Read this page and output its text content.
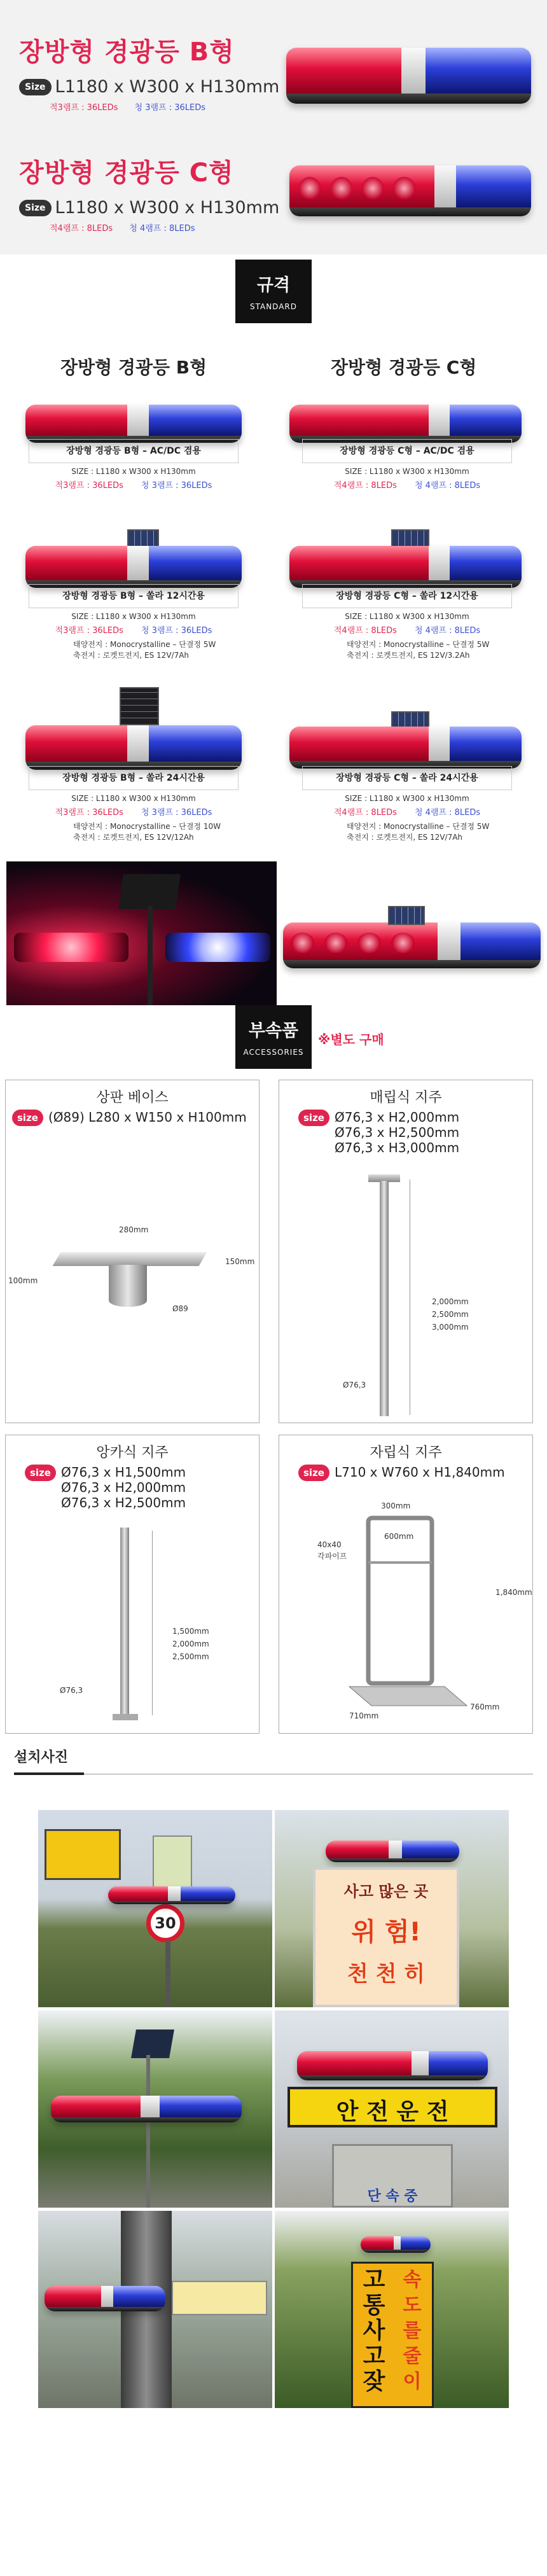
장방형 경광등 B형
Size L1180 x W300 x H130mm
적3램프 : 36LEDs 청 3램프 : 36LEDs
장방형 경광등 C형
Size L1180 x W300 x H130mm
적4램프 : 8LEDs 청 4램프 : 8LEDs
규격
STANDARD
장방형 경광등 B형	장방형 경광등 C형
장방형 경광등 B형 – AC/DC 겸용
SIZE : L1180 x W300 x H130mm
적3램프 : 36LEDs 청 3램프 : 36LEDs
장방형 경광등 C형 – AC/DC 겸용
SIZE : L1180 x W300 x H130mm
적4램프 : 8LEDs 청 4램프 : 8LEDs
장방형 경광등 B형 – 쏠라 12시간용
SIZE : L1180 x W300 x H130mm
적3램프 : 36LEDs 청 3램프 : 36LEDs
태양전지 : Monocrystalline – 단결정 5W
축전지 : 로켓트전지, ES 12V/7Ah
장방형 경광등 C형 – 쏠라 12시간용
SIZE : L1180 x W300 x H130mm
적4램프 : 8LEDs 청 4램프 : 8LEDs
태양전지 : Monocrystalline – 단결정 5W
축전지 : 로켓트전지, ES 12V/3.2Ah
장방형 경광등 B형 – 쏠라 24시간용
SIZE : L1180 x W300 x H130mm
적3램프 : 36LEDs 청 3램프 : 36LEDs
태양전지 : Monocrystalline – 단결정 10W
축전지 : 로켓트전지, ES 12V/12Ah
장방형 경광등 C형 – 쏠라 24시간용
SIZE : L1180 x W300 x H130mm
적4램프 : 8LEDs 청 4램프 : 8LEDs
태양전지 : Monocrystalline – 단결정 5W
축전지 : 로켓트전지, ES 12V/7Ah
부속품
ACCESSORIES
※별도 구매
상판 베이스
size (Ø89) L280 x W150 x H100mm
280mm
150mm
100mm
Ø89
매립식 지주
size Ø76,3 x H2,000mm
Ø76,3 x H2,500mm
Ø76,3 x H3,000mm
2,000mm
2,500mm
3,000mm
Ø76,3
앙카식 지주
size Ø76,3 x H1,500mm
Ø76,3 x H2,000mm
Ø76,3 x H2,500mm
1,500mm
2,000mm
2,500mm
Ø76,3
자립식 지주
size L710 x W760 x H1,840mm
300mm
600mm
1,840mm
40x40
각파이프
710mm
760mm
설치사진
30
사고 많은 곳
위 험!
천 천 히
안 전 운 전
단 속 중
고통사고잦
속도를줄이
